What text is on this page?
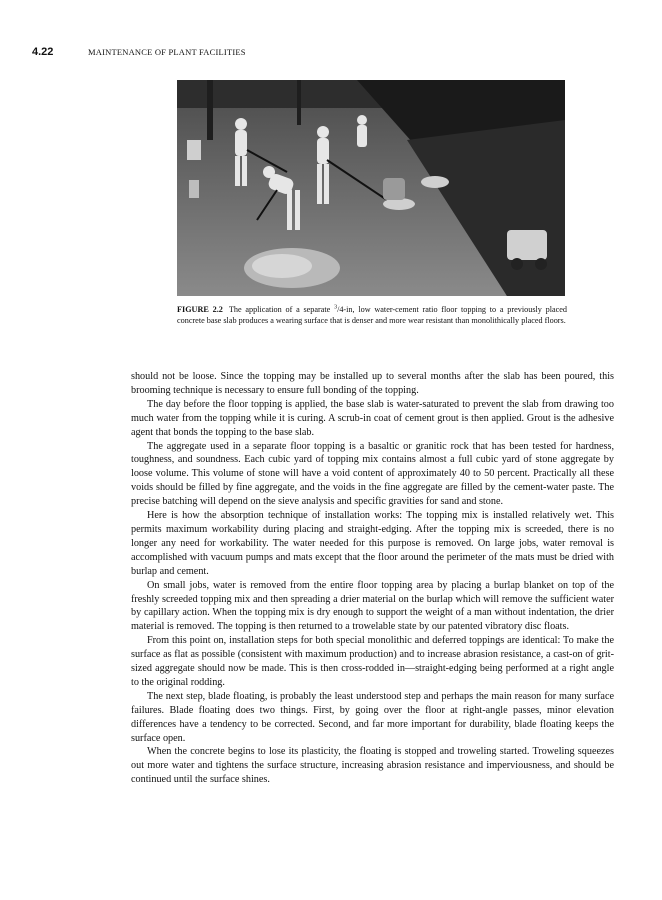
4.22	MAINTENANCE OF PLANT FACILITIES
FIGURE 2.2 The application of a separate $^3$/4-in, low water-cement ratio floor topping to a previously placed concrete base slab produces a wearing surface that is denser and more wear resistant than monolithically placed floors.

should not be loose. Since the topping may be installed up to several months after the slab has been poured, this brooming technique is necessary to ensure full bonding of the topping.

The day before the floor topping is applied, the base slab is water-saturated to prevent the slab from drawing too much water from the topping while it is curing. A scrub-in coat of cement grout is then applied. Grout is the adhesive agent that bonds the topping to the base slab.

The aggregate used in a separate floor topping is a basaltic or granitic rock that has been tested for hardness, toughness, and soundness. Each cubic yard of topping mix contains almost a full cubic yard of stone aggregate by loose volume. This volume of stone will have a void content of approximately 40 to 50 percent. Practically all these voids should be filled by fine aggregate, and the voids in the fine aggregate are filled by the cement-water paste. The precise batching will depend on the sieve analysis and specific gravities for sand and stone.

Here is how the absorption technique of installation works: The topping mix is installed relatively wet. This permits maximum workability during placing and straight-edging. After the topping mix is screeded, there is no longer any need for workability. The water needed for this purpose is removed. On large jobs, water removal is accomplished with vacuum pumps and mats except that the floor around the perimeter of the mats must be dried with burlap and cement.

On small jobs, water is removed from the entire floor topping area by placing a burlap blanket on top of the freshly screeded topping mix and then spreading a drier material on the burlap which will remove the sufficient water by capillary action. When the topping mix is dry enough to support the weight of a man without indentation, the drier material is removed. The topping is then returned to a trowelable state by our patented vibratory disc floats.

From this point on, installation steps for both special monolithic and deferred toppings are identical: To make the surface as flat as possible (consistent with maximum production) and to increase abrasion resistance, a cast-on of grit-sized aggregate should now be made. This is then cross-rodded in—straight-edging being performed at a right angle to the original rodding.

The next step, blade floating, is probably the least understood step and perhaps the main reason for many surface failures. Blade floating does two things. First, by going over the floor at right-angle passes, minor elevation differences have a tendency to be corrected. Second, and far more important for durability, blade floating keeps the surface open.

When the concrete begins to lose its plasticity, the floating is stopped and troweling started. Troweling squeezes out more water and tightens the surface structure, increasing abrasion resistance and imperviousness, and should be continued until the surface shines.
